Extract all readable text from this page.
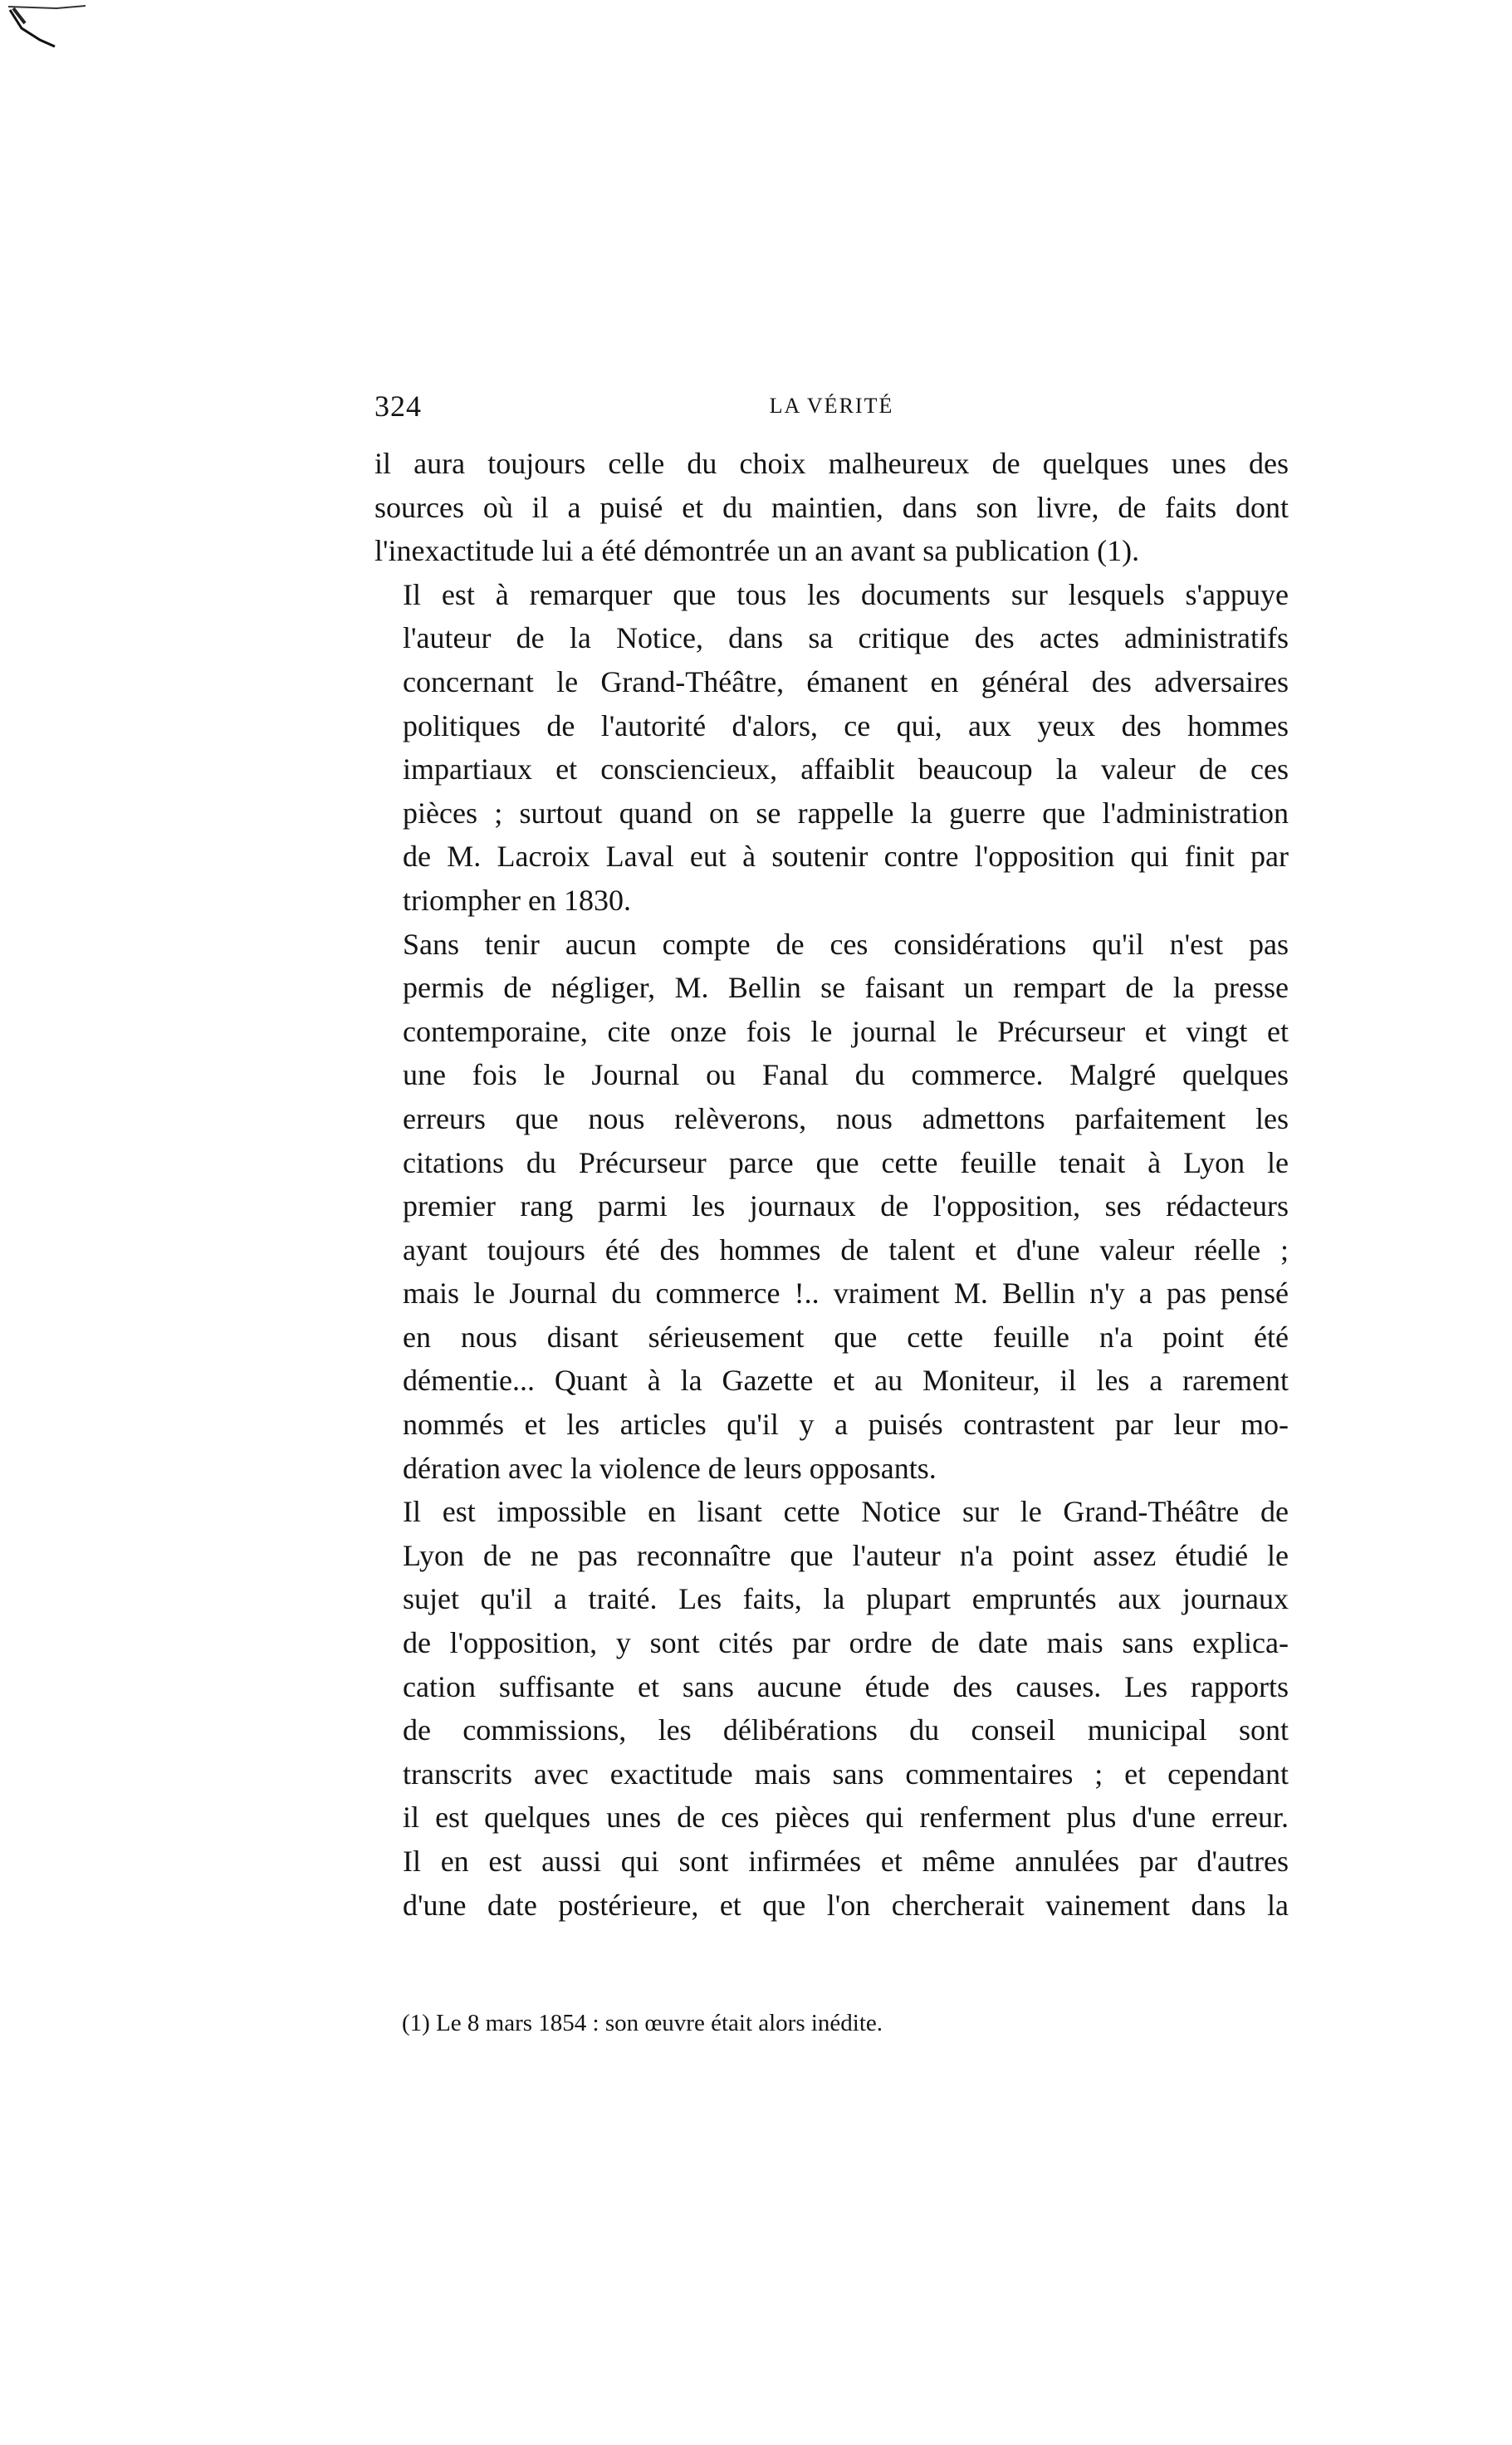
324	LA VÉRITÉ

il aura toujours celle du choix malheureux de quelques unes des
sources où il a puisé et du maintien, dans son livre, de faits dont
l'inexactitude lui a été démontrée un an avant sa publication (1).

Il est à remarquer que tous les documents sur lesquels s'appuye
l'auteur de la Notice, dans sa critique des actes administratifs
concernant le Grand-Théâtre, émanent en général des adversaires
politiques de l'autorité d'alors, ce qui, aux yeux des hommes
impartiaux et consciencieux, affaiblit beaucoup la valeur de ces
pièces ; surtout quand on se rappelle la guerre que l'administration
de M. Lacroix Laval eut à soutenir contre l'opposition qui finit par
triompher en 1830.

Sans tenir aucun compte de ces considérations qu'il n'est pas
permis de négliger, M. Bellin se faisant un rempart de la presse
contemporaine, cite onze fois le journal le Précurseur et vingt et
une fois le Journal ou Fanal du commerce. Malgré quelques
erreurs que nous relèverons, nous admettons parfaitement les
citations du Précurseur parce que cette feuille tenait à Lyon le
premier rang parmi les journaux de l'opposition, ses rédacteurs
ayant toujours été des hommes de talent et d'une valeur réelle ;
mais le Journal du commerce !.. vraiment M. Bellin n'y a pas pensé
en nous disant sérieusement que cette feuille n'a point été
démentie... Quant à la Gazette et au Moniteur, il les a rarement
nommés et les articles qu'il y a puisés contrastent par leur mo-
dération avec la violence de leurs opposants.

Il est impossible en lisant cette Notice sur le Grand-Théâtre de
Lyon de ne pas reconnaître que l'auteur n'a point assez étudié le
sujet qu'il a traité. Les faits, la plupart empruntés aux journaux
de l'opposition, y sont cités par ordre de date mais sans explica-
cation suffisante et sans aucune étude des causes. Les rapports
de commissions, les délibérations du conseil municipal sont
transcrits avec exactitude mais sans commentaires ; et cependant
il est quelques unes de ces pièces qui renferment plus d'une erreur.
Il en est aussi qui sont infirmées et même annulées par d'autres
d'une date postérieure, et que l'on chercherait vainement dans la

(1) Le 8 mars 1854 : son œuvre était alors inédite.
